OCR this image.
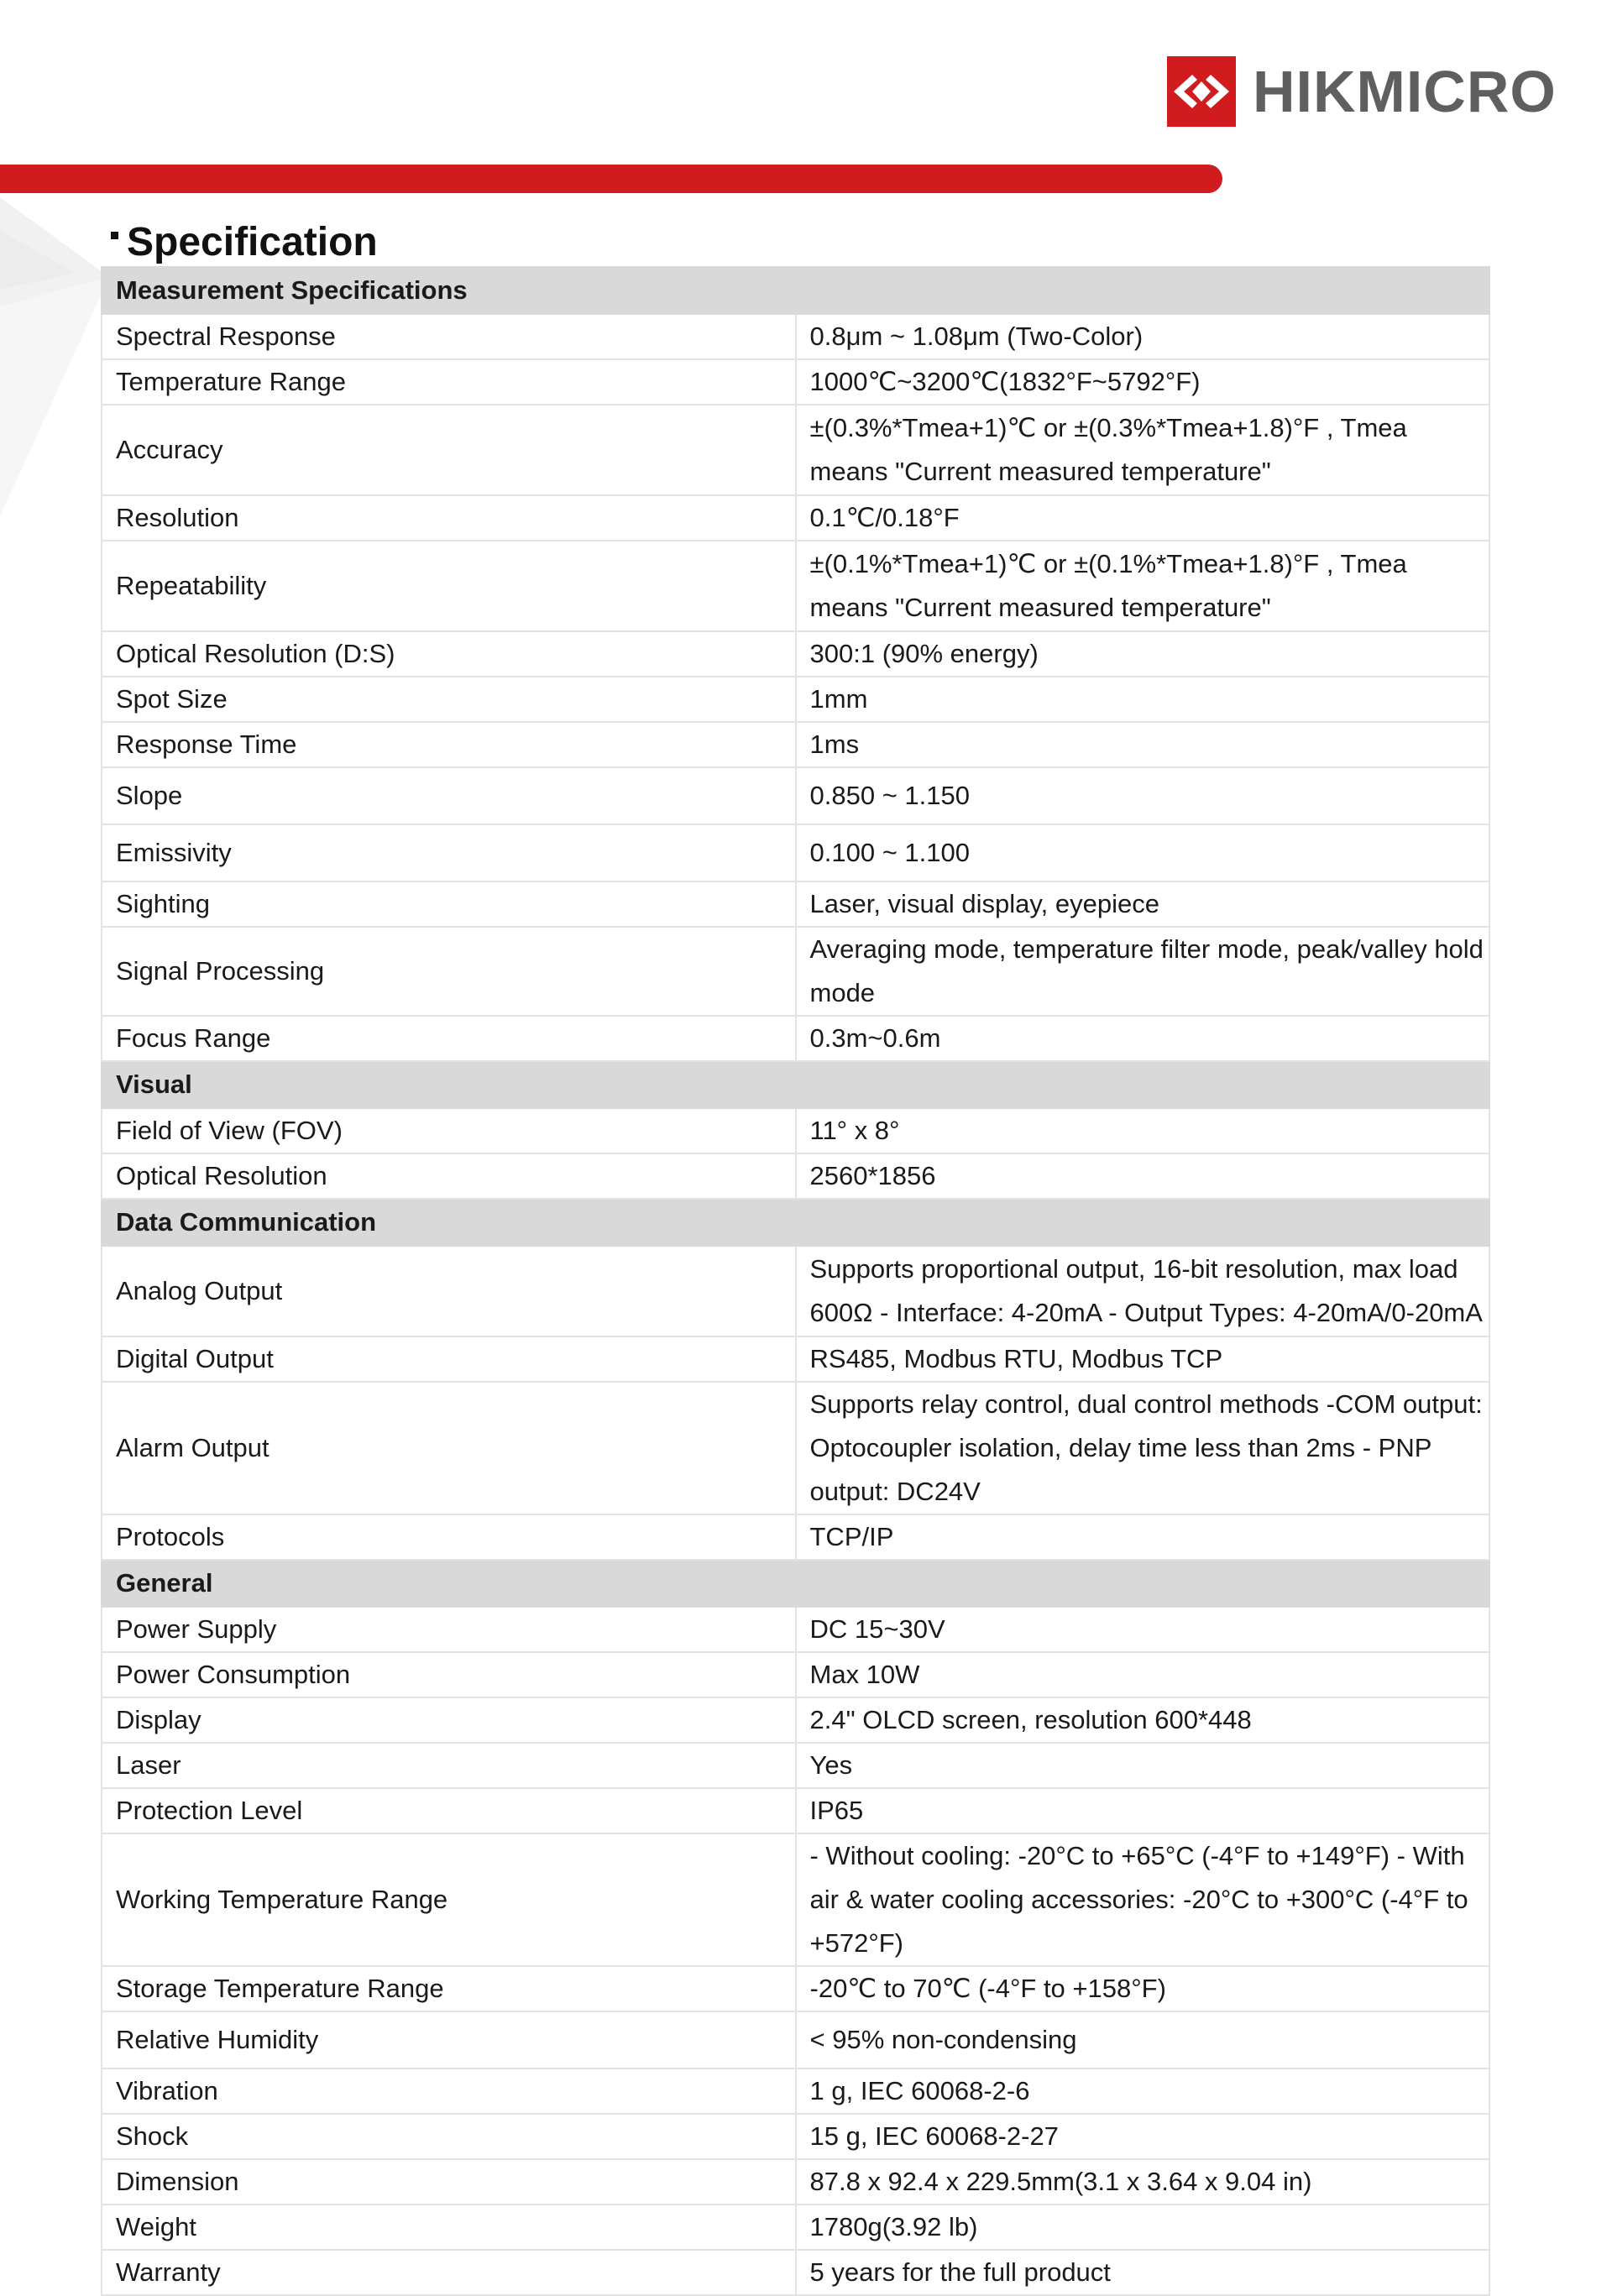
HIKMICRO
Specification
Measurement Specifications	
Spectral Response	0.8μm ~ 1.08μm (Two-Color)
Temperature Range	1000℃~3200℃(1832°F~5792°F)
Accuracy	±(0.3%*Tmea+1)℃ or ±(0.3%*Tmea+1.8)°F , Tmea means "Current measured temperature"
Resolution	0.1℃/0.18°F
Repeatability	±(0.1%*Tmea+1)℃ or ±(0.1%*Tmea+1.8)°F , Tmea means "Current measured temperature"
Optical Resolution (D:S)	300:1 (90% energy)
Spot Size	1mm
Response Time	1ms
Slope	0.850 ~ 1.150
Emissivity	0.100 ~ 1.100
Sighting	Laser, visual display, eyepiece
Signal Processing	Averaging mode, temperature filter mode, peak/valley hold mode
Focus Range	0.3m~0.6m
Visual	
Field of View (FOV)	11° x 8°
Optical Resolution	2560*1856
Data Communication	
Analog Output	Supports proportional output, 16-bit resolution, max load 600Ω - Interface: 4-20mA - Output Types: 4-20mA/0-20mA
Digital Output	RS485, Modbus RTU, Modbus TCP
Alarm Output	Supports relay control, dual control methods -COM output: Optocoupler isolation, delay time less than 2ms - PNP output: DC24V
Protocols	TCP/IP
General	
Power Supply	DC 15~30V
Power Consumption	Max 10W
Display	2.4" OLCD screen, resolution 600*448
Laser	Yes
Protection Level	IP65
Working Temperature Range	- Without cooling: -20°C to +65°C (-4°F to +149°F) - With air & water cooling accessories: -20°C to +300°C (-4°F to +572°F)
Storage Temperature Range	-20℃ to 70℃ (-4°F to +158°F)
Relative Humidity	< 95% non-condensing
Vibration	1 g, IEC 60068-2-6
Shock	15 g, IEC 60068-2-27
Dimension	87.8 x 92.4 x 229.5mm(3.1 x 3.64 x 9.04 in)
Weight	1780g(3.92 lb)
Warranty	5 years for the full product
